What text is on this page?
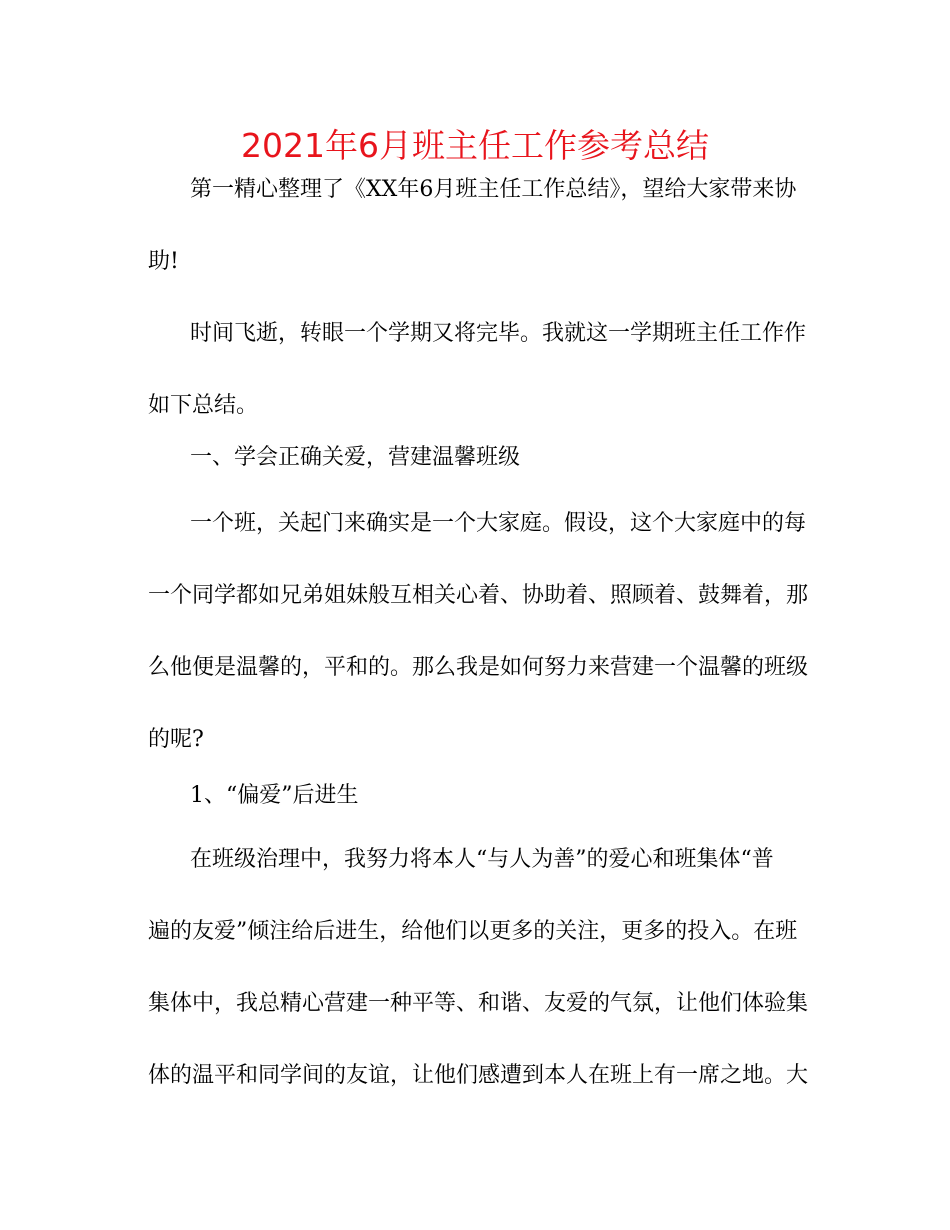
2021年6月班主任工作参考总结
第一精心整理了《XX年6月班主任工作总结》，望给大家带来协
助!
时间飞逝，转眼一个学期又将完毕。我就这一学期班主任工作作
如下总结。
一、学会正确关爱，营建温馨班级
一个班，关起门来确实是一个大家庭。假设，这个大家庭中的每
一个同学都如兄弟姐妹般互相关心着、协助着、照顾着、鼓舞着，那
么他便是温馨的，平和的。那么我是如何努力来营建一个温馨的班级
的呢?
1、“偏爱”后进生
在班级治理中，我努力将本人“与人为善”的爱心和班集体“普
遍的友爱”倾注给后进生，给他们以更多的关注，更多的投入。在班
集体中，我总精心营建一种平等、和谐、友爱的气氛，让他们体验集
体的温平和同学间的友谊，让他们感遭到本人在班上有一席之地。大
